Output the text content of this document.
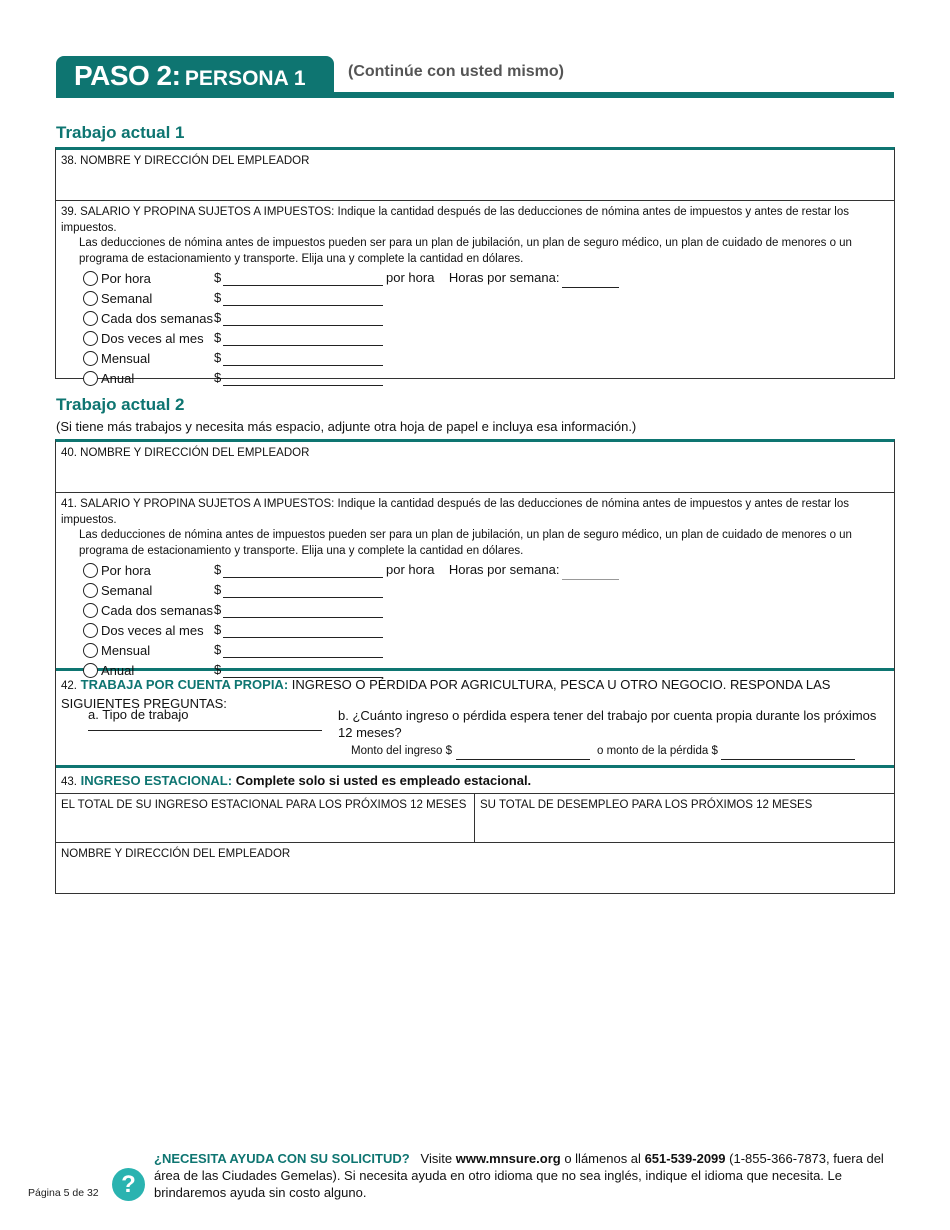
PASO 2: PERSONA 1	(Continúe con usted mismo)
Trabajo actual 1
38. NOMBRE Y DIRECCIÓN DEL EMPLEADOR
39. SALARIO Y PROPINA SUJETOS A IMPUESTOS: Indique la cantidad después de las deducciones de nómina antes de impuestos y antes de restar los impuestos.
Las deducciones de nómina antes de impuestos pueden ser para un plan de jubilación, un plan de seguro médico, un plan de cuidado de menores o un
programa de estacionamiento y transporte. Elija una y complete la cantidad en dólares.
Por hora	$	por hora Horas por semana:
Semanal	$
Cada dos semanas $
Dos veces al mes $
Mensual	$
Anual	$
Trabajo actual 2
(Si tiene más trabajos y necesita más espacio, adjunte otra hoja de papel e incluya esa información.)
40. NOMBRE Y DIRECCIÓN DEL EMPLEADOR
41. SALARIO Y PROPINA SUJETOS A IMPUESTOS: Indique la cantidad después de las deducciones de nómina antes de impuestos y antes de restar los impuestos.
Las deducciones de nómina antes de impuestos pueden ser para un plan de jubilación, un plan de seguro médico, un plan de cuidado de menores o un
programa de estacionamiento y transporte. Elija una y complete la cantidad en dólares.
Por hora	$	por hora Horas por semana:
Semanal	$
Cada dos semanas $
Dos veces al mes $
Mensual	$
Anual	$
42. TRABAJA POR CUENTA PROPIA: INGRESO O PÉRDIDA POR AGRICULTURA, PESCA U OTRO NEGOCIO. RESPONDA LAS SIGUIENTES PREGUNTAS:
a. Tipo de trabajo	b. ¿Cuánto ingreso o pérdida espera tener del trabajo por cuenta propia durante los próximos 12 meses?
Monto del ingreso $	o monto de la pérdida $
43. INGRESO ESTACIONAL: Complete solo si usted es empleado estacional.
EL TOTAL DE SU INGRESO ESTACIONAL PARA LOS PRÓXIMOS 12 MESES SU TOTAL DE DESEMPLEO PARA LOS PRÓXIMOS 12 MESES
NOMBRE Y DIRECCIÓN DEL EMPLEADOR
Página 5 de 32 ?
¿NECESITA AYUDA CON SU SOLICITUD? Visite www.mnsure.org o llámenos al 651-539-2099 (1-855-366-7873, fuera del área de las Ciudades Gemelas). Si necesita ayuda en otro idioma que no sea inglés, indique el idioma que necesita. Le brindaremos ayuda sin costo alguno.
